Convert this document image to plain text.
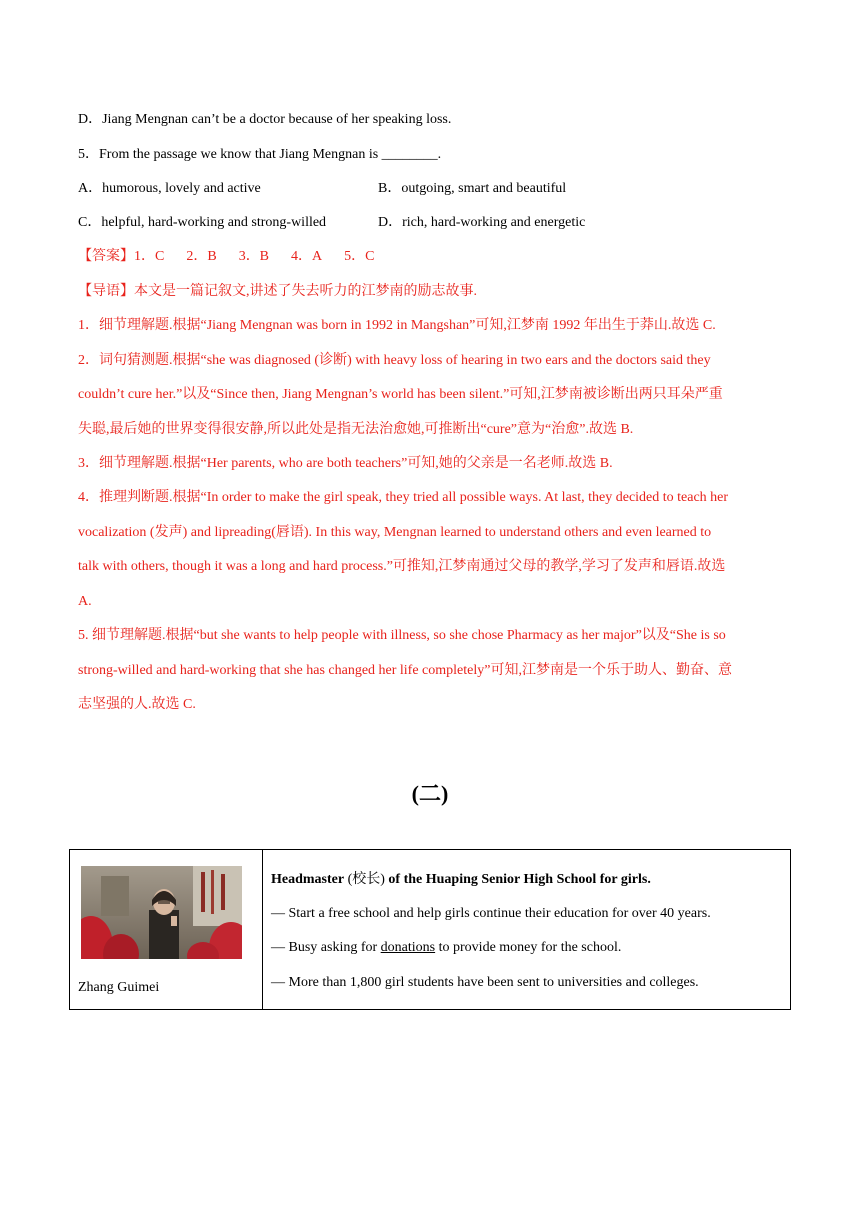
D．Jiang Mengnan can’t be a doctor because of her speaking loss.
5．From the passage we know that Jiang Mengnan is ________.
A．humorous, lovely and active	B．outgoing, smart and beautiful
C．helpful, hard-working and strong-willed	D．rich, hard-working and energetic
【答案】1．C 2．B 3．B 4．A 5．C
【导语】本文是一篇记叙文,讲述了失去听力的江梦南的励志故事.
1．细节理解题.根据“Jiang Mengnan was born in 1992 in Mangshan”可知,江梦南 1992 年出生于莽山.故选 C.
2．词句猜测题.根据“she was diagnosed (诊断) with heavy loss of hearing in two ears and the doctors said they
couldn’t cure her.”以及“Since then, Jiang Mengnan’s world has been silent.”可知,江梦南被诊断出两只耳朵严重
失聪,最后她的世界变得很安静,所以此处是指无法治愈她,可推断出“cure”意为“治愈”.故选 B.
3．细节理解题.根据“Her parents, who are both teachers”可知,她的父亲是一名老师.故选 B.
4．推理判断题.根据“In order to make the girl speak, they tried all possible ways. At last, they decided to teach her
vocalization (发声) and lipreading(唇语). In this way, Mengnan learned to understand others and even learned to
talk with others, though it was a long and hard process.”可推知,江梦南通过父母的教学,学习了发声和唇语.故选
A.
5. 细节理解题.根据“but she wants to help people with illness, so she chose Pharmacy as her major”以及“She is so
strong-willed and hard-working that she has changed her life completely”可知,江梦南是一个乐于助人、勤奋、意
志坚强的人.故选 C.
(二)
Zhang Guimei
Headmaster (校长) of the Huaping Senior High School for girls.
— Start a free school and help girls continue their education for over 40 years.
— Busy asking for donations to provide money for the school.
— More than 1,800 girl students have been sent to universities and colleges.
